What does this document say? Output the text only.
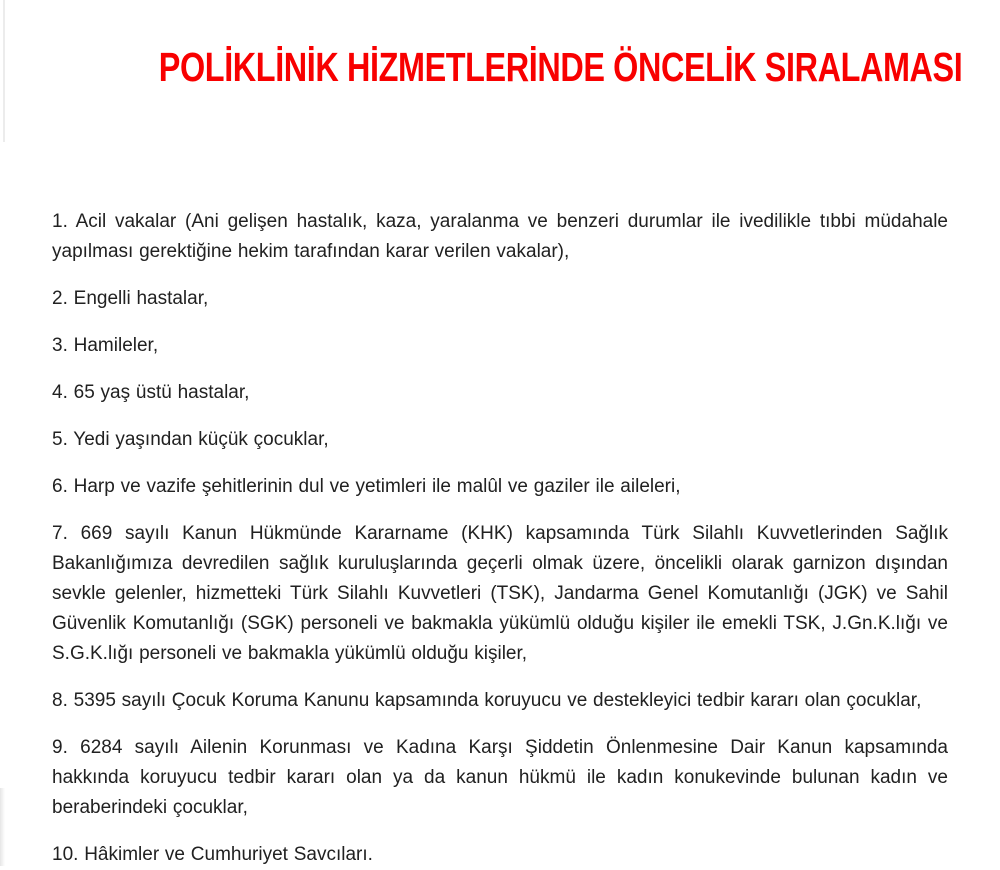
POLİKLİNİK HİZMETLERİNDE ÖNCELİK SIRALAMASI

1. Acil vakalar (Ani gelişen hastalık, kaza, yaralanma ve benzeri durumlar ile ivedilikle tıbbi müdahale yapılması gerektiğine hekim tarafından karar verilen vakalar),

2. Engelli hastalar,

3. Hamileler,

4. 65 yaş üstü hastalar,

5. Yedi yaşından küçük çocuklar,

6. Harp ve vazife şehitlerinin dul ve yetimleri ile malûl ve gaziler ile aileleri,

7. 669 sayılı Kanun Hükmünde Kararname (KHK) kapsamında Türk Silahlı Kuvvetlerinden Sağlık Bakanlığımıza devredilen sağlık kuruluşlarında geçerli olmak üzere, öncelikli olarak garnizon dışından sevkle gelenler, hizmetteki Türk Silahlı Kuvvetleri (TSK), Jandarma Genel Komutanlığı (JGK) ve Sahil Güvenlik Komutanlığı (SGK) personeli ve bakmakla yükümlü olduğu kişiler ile emekli TSK, J.Gn.K.lığı ve S.G.K.lığı personeli ve bakmakla yükümlü olduğu kişiler,

8. 5395 sayılı Çocuk Koruma Kanunu kapsamında koruyucu ve destekleyici tedbir kararı olan çocuklar,

9. 6284 sayılı Ailenin Korunması ve Kadına Karşı Şiddetin Önlenmesine Dair Kanun kapsamında hakkında koruyucu tedbir kararı olan ya da kanun hükmü ile kadın konukevinde bulunan kadın ve beraberindeki çocuklar,

10. Hâkimler ve Cumhuriyet Savcıları.
